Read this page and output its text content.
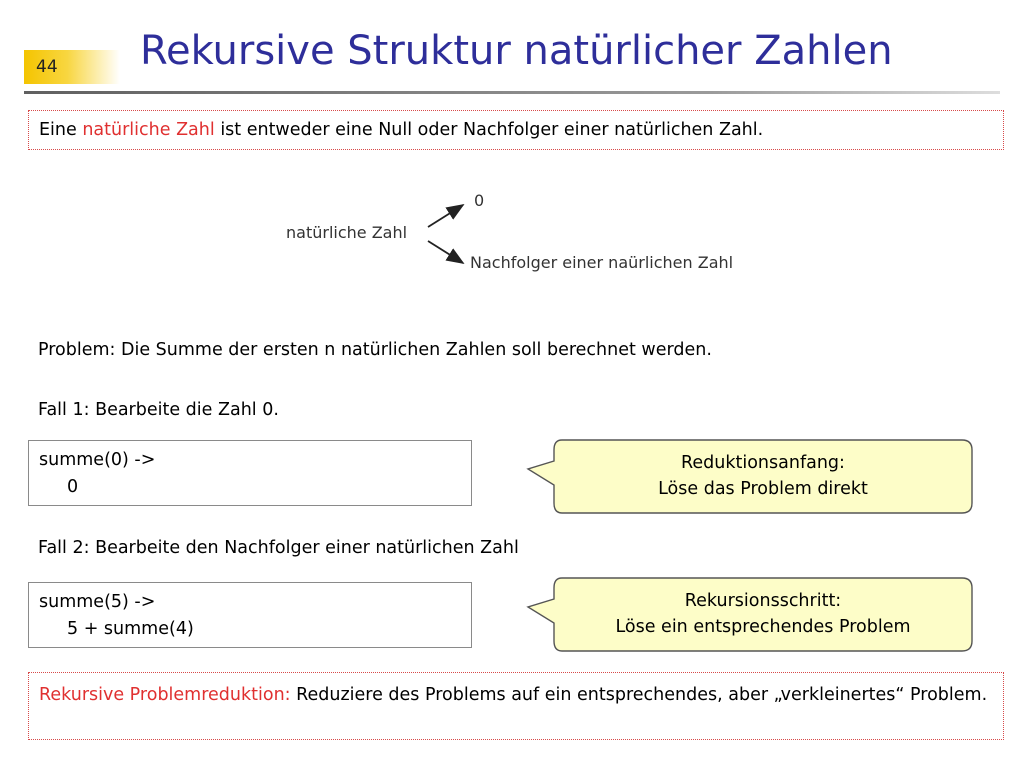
44 Rekursive Struktur natürlicher Zahlen
Eine natürliche Zahl ist entweder eine Null oder Nachfolger einer natürlichen Zahl.
natürliche Zahl
0
Nachfolger einer naürlichen Zahl
Problem: Die Summe der ersten n natürlichen Zahlen soll berechnet werden.
Fall 1: Bearbeite die Zahl 0.
summe(0) ->
0
Reduktionsanfang:
Löse das Problem direkt
Fall 2: Bearbeite den Nachfolger einer natürlichen Zahl
summe(5) ->
5 + summe(4)
Rekursionsschritt:
Löse ein entsprechendes Problem
Rekursive Problemreduktion: Reduziere des Problems auf ein entsprechendes, aber „verkleinertes“ Problem.
